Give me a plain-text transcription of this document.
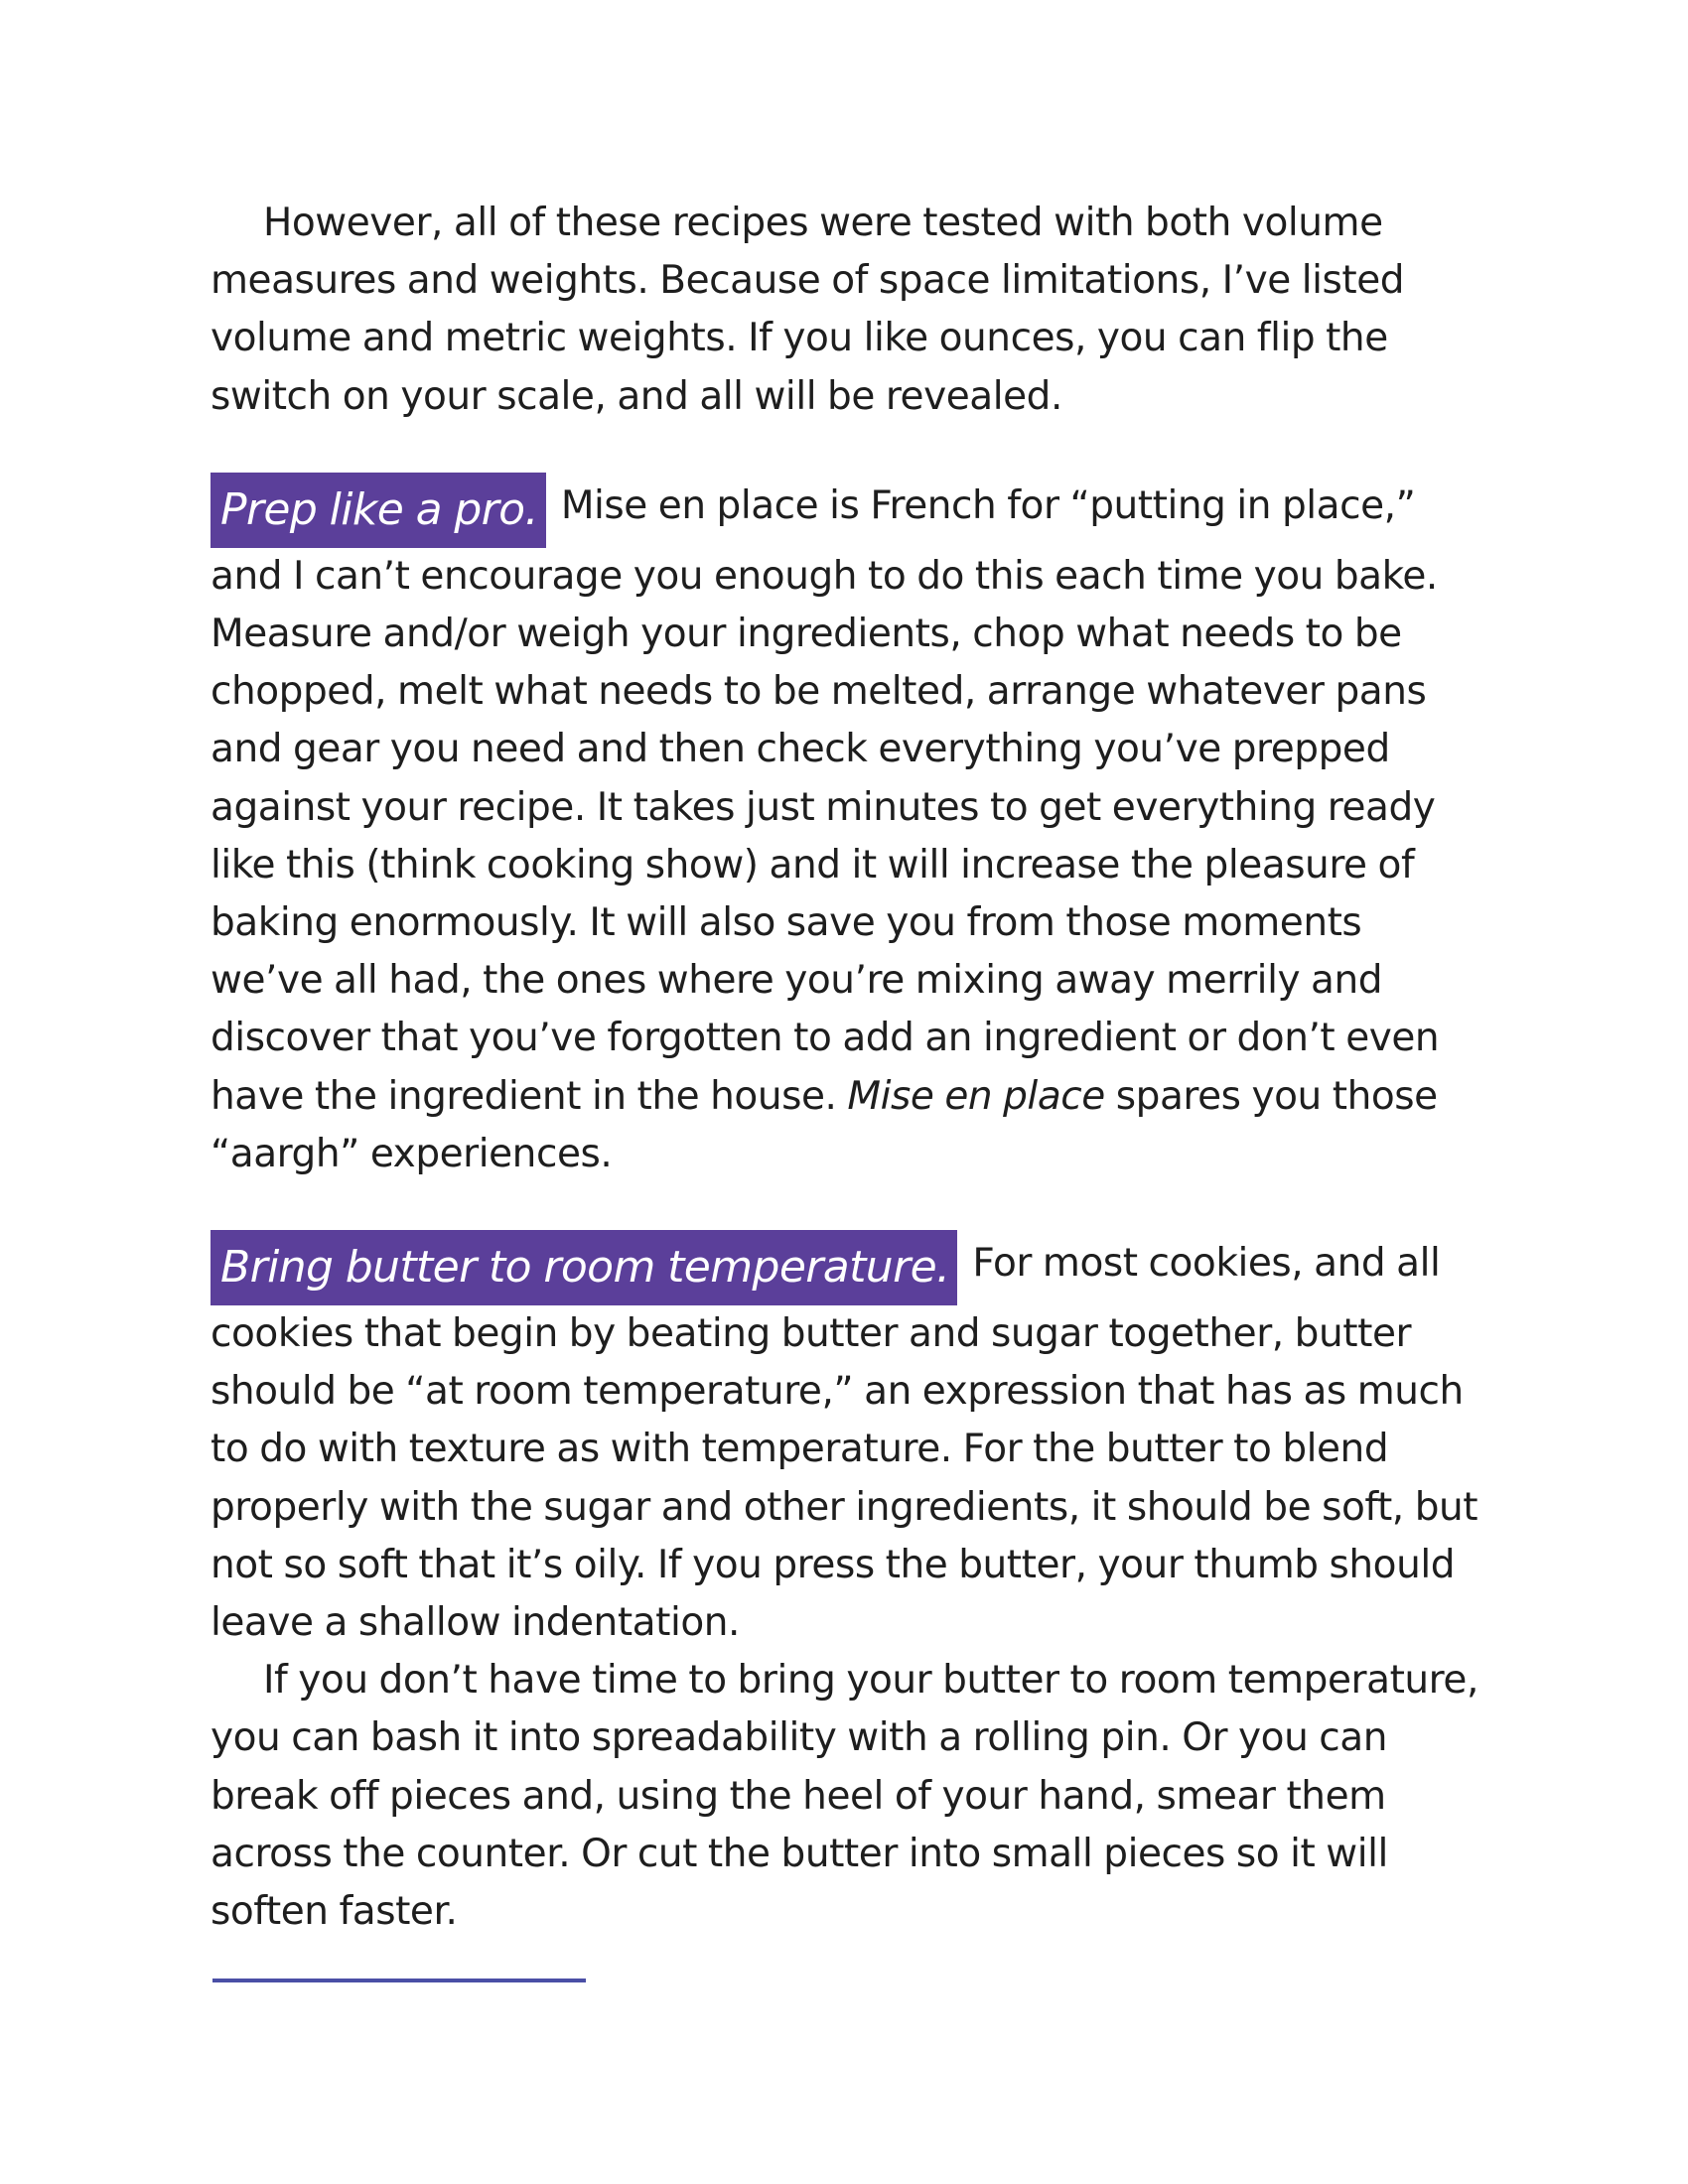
However, all of these recipes were tested with both volume measures and weights. Because of space limitations, I’ve listed volume and metric weights. If you like ounces, you can flip the switch on your scale, and all will be revealed.

Prep like a pro. Mise en place is French for “putting in place,” and I can’t encourage you enough to do this each time you bake. Measure and/or weigh your ingredients, chop what needs to be chopped, melt what needs to be melted, arrange whatever pans and gear you need and then check everything you’ve prepped against your recipe. It takes just minutes to get everything ready like this (think cooking show) and it will increase the pleasure of baking enormously. It will also save you from those moments we’ve all had, the ones where you’re mixing away merrily and discover that you’ve forgotten to add an ingredient or don’t even have the ingredient in the house. Mise en place spares you those “aargh” experiences.

Bring butter to room temperature. For most cookies, and all cookies that begin by beating butter and sugar together, butter should be “at room temperature,” an expression that has as much to do with texture as with temperature. For the butter to blend properly with the sugar and other ingredients, it should be soft, but not so soft that it’s oily. If you press the butter, your thumb should leave a shallow indentation.

If you don’t have time to bring your butter to room temperature, you can bash it into spreadability with a rolling pin. Or you can break off pieces and, using the heel of your hand, smear them across the counter. Or cut the butter into small pieces so it will soften faster.
